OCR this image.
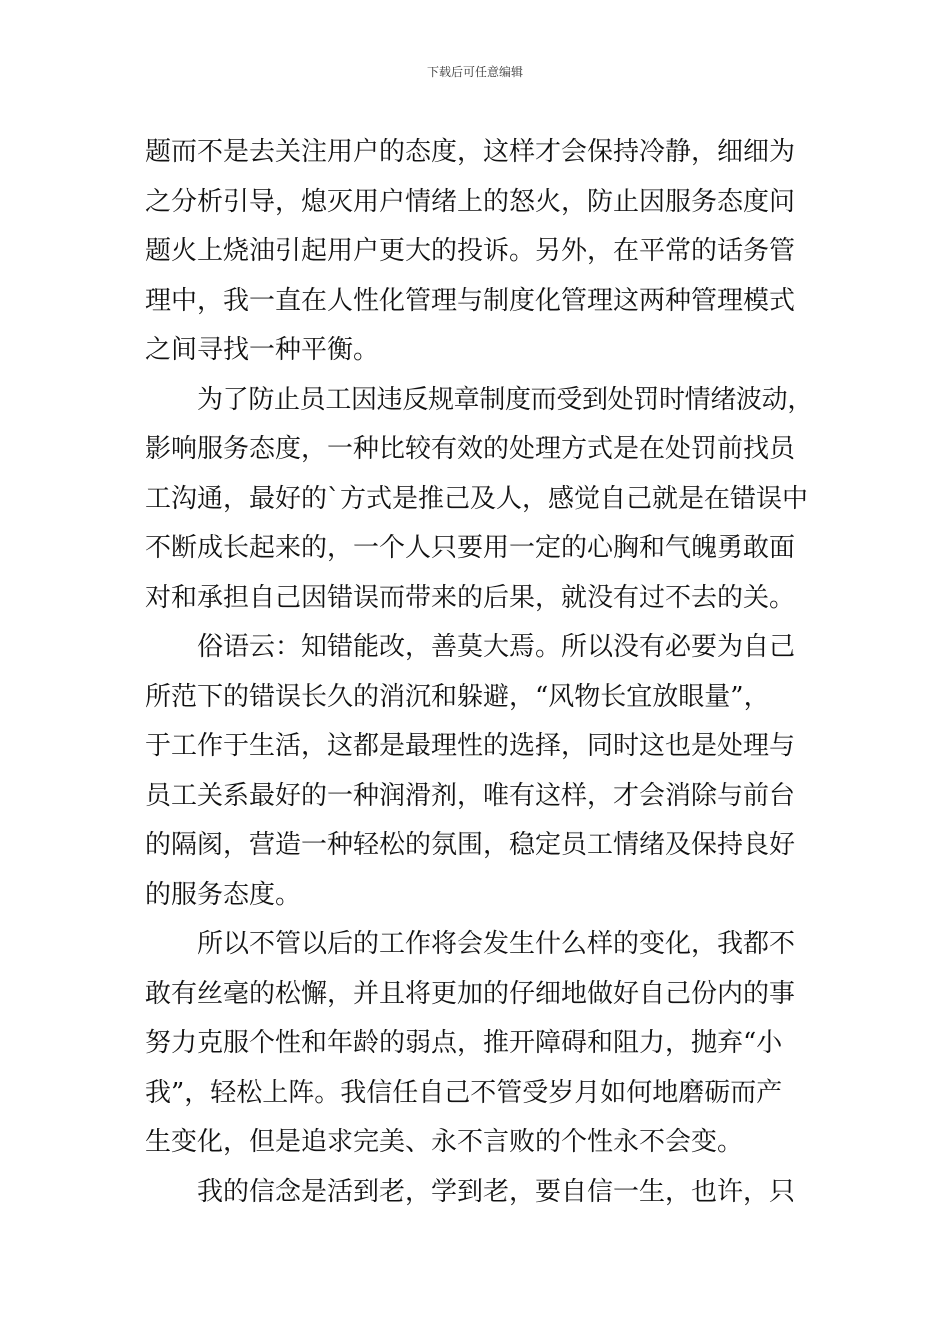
下载后可任意编辑
题而不是去关注用户的态度，这样才会保持冷静，细细为
之分析引导，熄灭用户情绪上的怒火，防止因服务态度问
题火上烧油引起用户更大的投诉。另外，在平常的话务管
理中，我一直在人性化管理与制度化管理这两种管理模式
之间寻找一种平衡。
为了防止员工因违反规章制度而受到处罚时情绪波动，
影响服务态度，一种比较有效的处理方式是在处罚前找员
工沟通，最好的`方式是推己及人，感觉自己就是在错误中
不断成长起来的，一个人只要用一定的心胸和气魄勇敢面
对和承担自己因错误而带来的后果，就没有过不去的关。
俗语云：知错能改，善莫大焉。所以没有必要为自己
所范下的错误长久的消沉和躲避，“风物长宜放眼量”，
于工作于生活，这都是最理性的选择，同时这也是处理与
员工关系最好的一种润滑剂，唯有这样，才会消除与前台
的隔阂，营造一种轻松的氛围，稳定员工情绪及保持良好
的服务态度。
所以不管以后的工作将会发生什么样的变化，我都不
敢有丝毫的松懈，并且将更加的仔细地做好自己份内的事
努力克服个性和年龄的弱点，推开障碍和阻力，抛弃“小
我”，轻松上阵。我信任自己不管受岁月如何地磨砺而产
生变化，但是追求完美、永不言败的个性永不会变。
我的信念是活到老，学到老，要自信一生，也许，只
